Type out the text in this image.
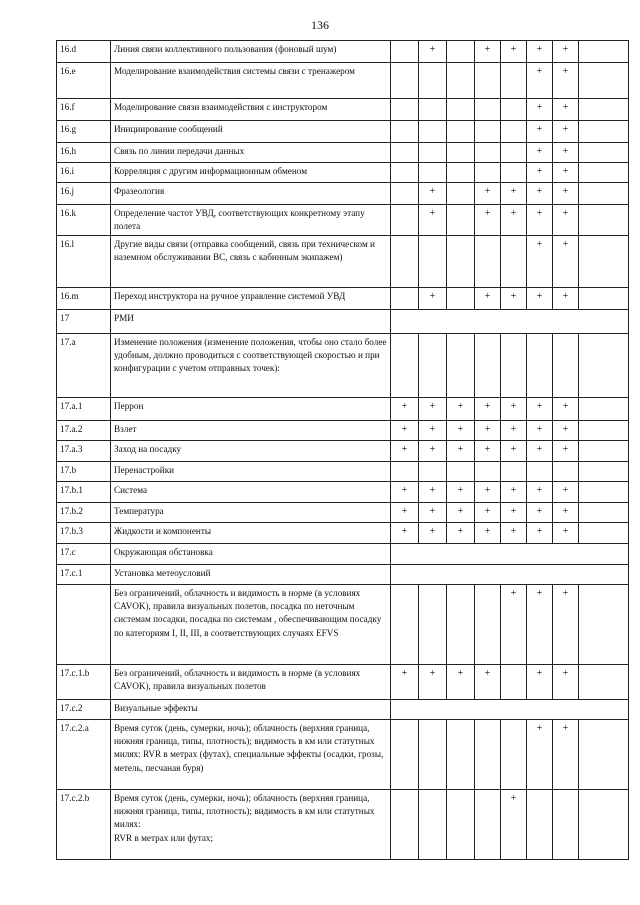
136
16.d	Линия связи коллективного пользования (фоновый шум)		+		+	+	+	+	
16.e	Моделирование взаимодействия системы связи с тренажером						+	+	
16.f	Моделирование связи взаимодействия с инструктором						+	+	
16.g	Инициирование сообщений						+	+	
16.h	Связь по линии передачи данных						+	+	
16.i	Корреляция с другим информационным обменом						+	+	
16.j	Фразеология		+		+	+	+	+	
16.k	Определение частот УВД, соответствующих конкретному этапу полета		+		+	+	+	+	
16.l	Другие виды связи (отправка сообщений, связь при техническом и наземном обслуживании ВС, связь с кабинным экипажем)						+	+	
16.m	Переход инструктора на ручное управление системой УВД		+		+	+	+	+	
17	РМИ								
17.a	Изменение положения (изменение положения, чтобы оно стало более удобным, должно проводиться с соответствующей скоростью и при конфигурации с учетом отправных точек):								
17.a.1	Перрон	+	+	+	+	+	+	+	
17.a.2	Взлет	+	+	+	+	+	+	+	
17.a.3	Заход на посадку	+	+	+	+	+	+	+	
17.b	Перенастройки								
17.b.1	Система	+	+	+	+	+	+	+	
17.b.2	Температура	+	+	+	+	+	+	+	
17.b.3	Жидкости и компоненты	+	+	+	+	+	+	+	
17.c	Окружающая обстановка								
17.c.1	Установка метеоусловий								
	Без ограничений, облачность и видимость в норме (в условиях CAVOK), правила визуальных полетов, посадка по неточным системам посадки, посадка по системам , обеспечивающим посадку по категориям I, II, III, в соответствующих случаях EFVS					+	+	+	
17.c.1.b	Без ограничений, облачность и видимость в норме (в условиях CAVOK), правила визуальных полетов	+	+	+	+		+	+	
17.c.2	Визуальные эффекты								
17.c.2.a	Время суток (день, сумерки, ночь); облачность (верхняя граница, нижняя граница, типы, плотность); видимость в км или статутных милях: RVR в метрах (футах), специальные эффекты (осадки, грозы, метель, песчаная буря)						+	+	
17.c.2.b	Время суток (день, сумерки, ночь); облачность (верхняя граница, нижняя граница, типы, плотность); видимость в км или статутных милях:
RVR в метрах или футах;					+			
